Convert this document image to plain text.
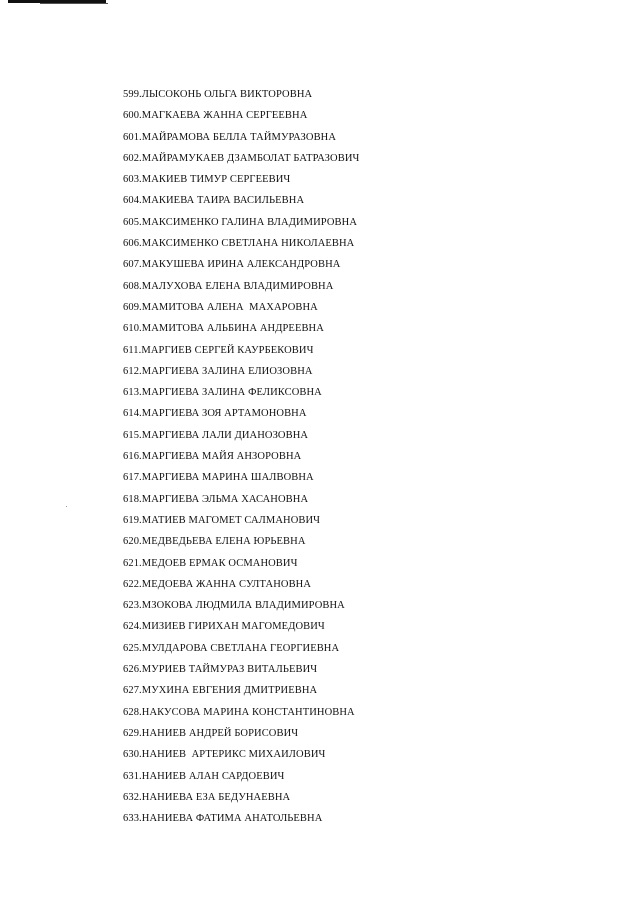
599.ЛЫСОКОНЬ ОЛЬГА ВИКТОРОВНА
600.МАГКАЕВА ЖАННА СЕРГЕЕВНА
601.МАЙРАМОВА БЕЛЛА ТАЙМУРАЗОВНА
602.МАЙРАМУКАЕВ ДЗАМБОЛАТ БАТРАЗОВИЧ
603.МАКИЕВ ТИМУР СЕРГЕЕВИЧ
604.МАКИЕВА ТАИРА ВАСИЛЬЕВНА
605.МАКСИМЕНКО ГАЛИНА ВЛАДИМИРОВНА
606.МАКСИМЕНКО СВЕТЛАНА НИКОЛАЕВНА
607.МАКУШЕВА ИРИНА АЛЕКСАНДРОВНА
608.МАЛУХОВА ЕЛЕНА ВЛАДИМИРОВНА
609.МАМИТОВА АЛЕНА  МАХАРОВНА
610.МАМИТОВА АЛЬБИНА АНДРЕЕВНА
611.МАРГИЕВ СЕРГЕЙ КАУРБЕКОВИЧ
612.МАРГИЕВА ЗАЛИНА ЕЛИОЗОВНА
613.МАРГИЕВА ЗАЛИНА ФЕЛИКСОВНА
614.МАРГИЕВА ЗОЯ АРТАМОНОВНА
615.МАРГИЕВА ЛАЛИ ДИАНОЗОВНА
616.МАРГИЕВА МАЙЯ АНЗОРОВНА
617.МАРГИЕВА МАРИНА ШАЛВОВНА
618.МАРГИЕВА ЭЛЬМА ХАСАНОВНА
619.МАТИЕВ МАГОМЕТ САЛМАНОВИЧ
620.МЕДВЕДЬЕВА ЕЛЕНА ЮРЬЕВНА
621.МЕДОЕВ ЕРМАК ОСМАНОВИЧ
622.МЕДОЕВА ЖАННА СУЛТАНОВНА
623.МЗОКОВА ЛЮДМИЛА ВЛАДИМИРОВНА
624.МИЗИЕВ ГИРИХАН МАГОМЕДОВИЧ
625.МУЛДАРОВА СВЕТЛАНА ГЕОРГИЕВНА
626.МУРИЕВ ТАЙМУРАЗ ВИТАЛЬЕВИЧ
627.МУХИНА ЕВГЕНИЯ ДМИТРИЕВНА
628.НАКУСОВА МАРИНА КОНСТАНТИНОВНА
629.НАНИЕВ АНДРЕЙ БОРИСОВИЧ
630.НАНИЕВ  АРТЕРИКС МИХАИЛОВИЧ
631.НАНИЕВ АЛАН САРДОЕВИЧ
632.НАНИЕВА ЕЗА БЕДУНАЕВНА
633.НАНИЕВА ФАТИМА АНАТОЛЬЕВНА
